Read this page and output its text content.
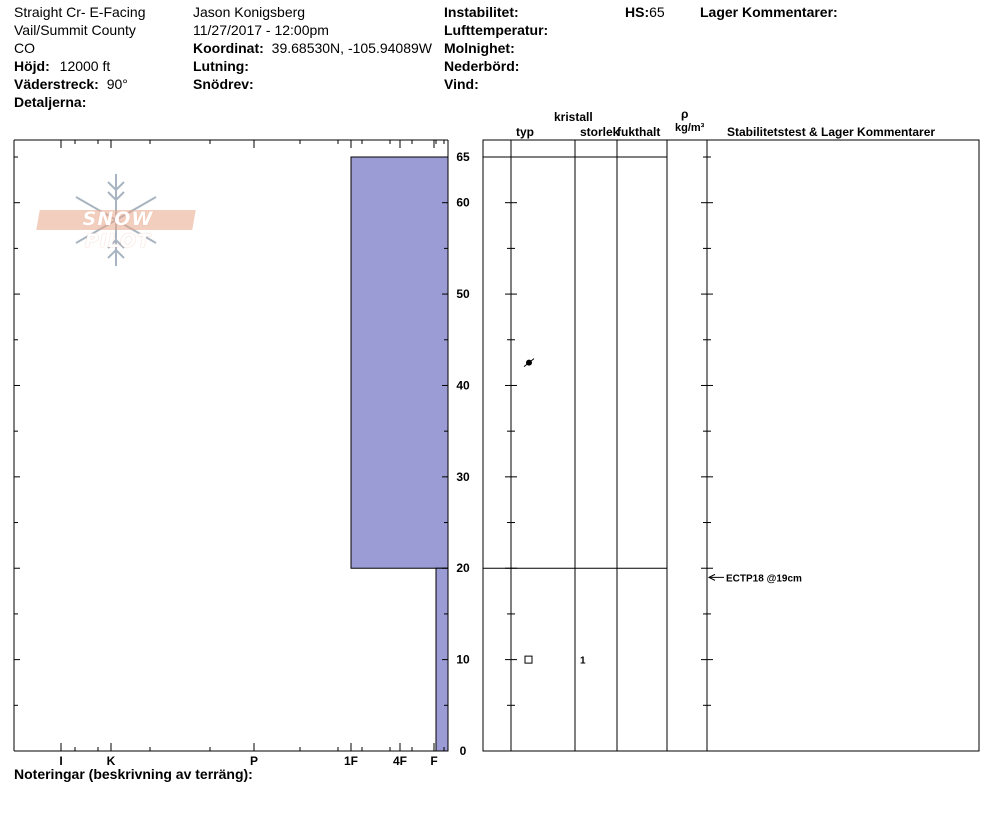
Straight Cr- E-Facing
Vail/Summit County
CO
Höjd: 12000 ft
Väderstreck: 90°
Detaljerna:
Jason Konigsberg
11/27/2017 - 12:00pm
Koordinat: 39.68530N, -105.94089W
Lutning:
Snödrev:
Instabilitet:
Lufttemperatur:
Molnighet:
Nederbörd:
Vind:
HS:65	Lager Kommentarer:
kristall
typ	storlek
fukthalt
ρ
kg/m³ Stabilitetstest & Lager Kommentarer
SNOW PILOT
I	K	P	1F	4F F
0
10
20
30
40
50
60
65
1
ECTP18 @19cm
Noteringar (beskrivning av terräng):
